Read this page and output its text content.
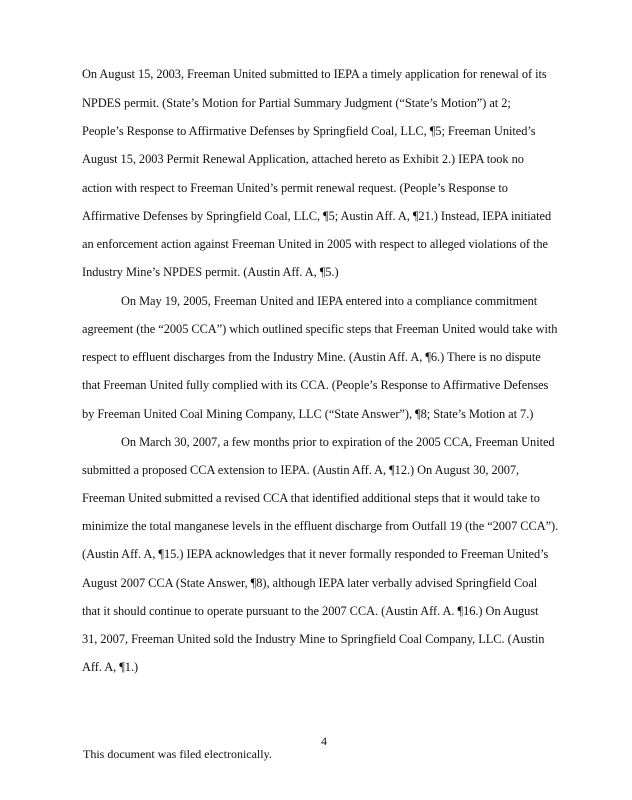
On August 15, 2003, Freeman United submitted to IEPA a timely application for renewal of its
NPDES permit. (State’s Motion for Partial Summary Judgment (“State’s Motion”) at 2;
People’s Response to Affirmative Defenses by Springfield Coal, LLC, ¶5; Freeman United’s
August 15, 2003 Permit Renewal Application, attached hereto as Exhibit 2.) IEPA took no
action with respect to Freeman United’s permit renewal request. (People’s Response to
Affirmative Defenses by Springfield Coal, LLC, ¶5; Austin Aff. A, ¶21.) Instead, IEPA initiated
an enforcement action against Freeman United in 2005 with respect to alleged violations of the
Industry Mine’s NPDES permit. (Austin Aff. A, ¶5.)
On May 19, 2005, Freeman United and IEPA entered into a compliance commitment
agreement (the “2005 CCA”) which outlined specific steps that Freeman United would take with
respect to effluent discharges from the Industry Mine. (Austin Aff. A, ¶6.) There is no dispute
that Freeman United fully complied with its CCA. (People’s Response to Affirmative Defenses
by Freeman United Coal Mining Company, LLC (“State Answer”), ¶8; State’s Motion at 7.)
On March 30, 2007, a few months prior to expiration of the 2005 CCA, Freeman United
submitted a proposed CCA extension to IEPA. (Austin Aff. A, ¶12.) On August 30, 2007,
Freeman United submitted a revised CCA that identified additional steps that it would take to
minimize the total manganese levels in the effluent discharge from Outfall 19 (the “2007 CCA”).
(Austin Aff. A, ¶15.) IEPA acknowledges that it never formally responded to Freeman United’s
August 2007 CCA (State Answer, ¶8), although IEPA later verbally advised Springfield Coal
that it should continue to operate pursuant to the 2007 CCA. (Austin Aff. A. ¶16.) On August
31, 2007, Freeman United sold the Industry Mine to Springfield Coal Company, LLC. (Austin
Aff. A, ¶1.)
4
This document was filed electronically.
